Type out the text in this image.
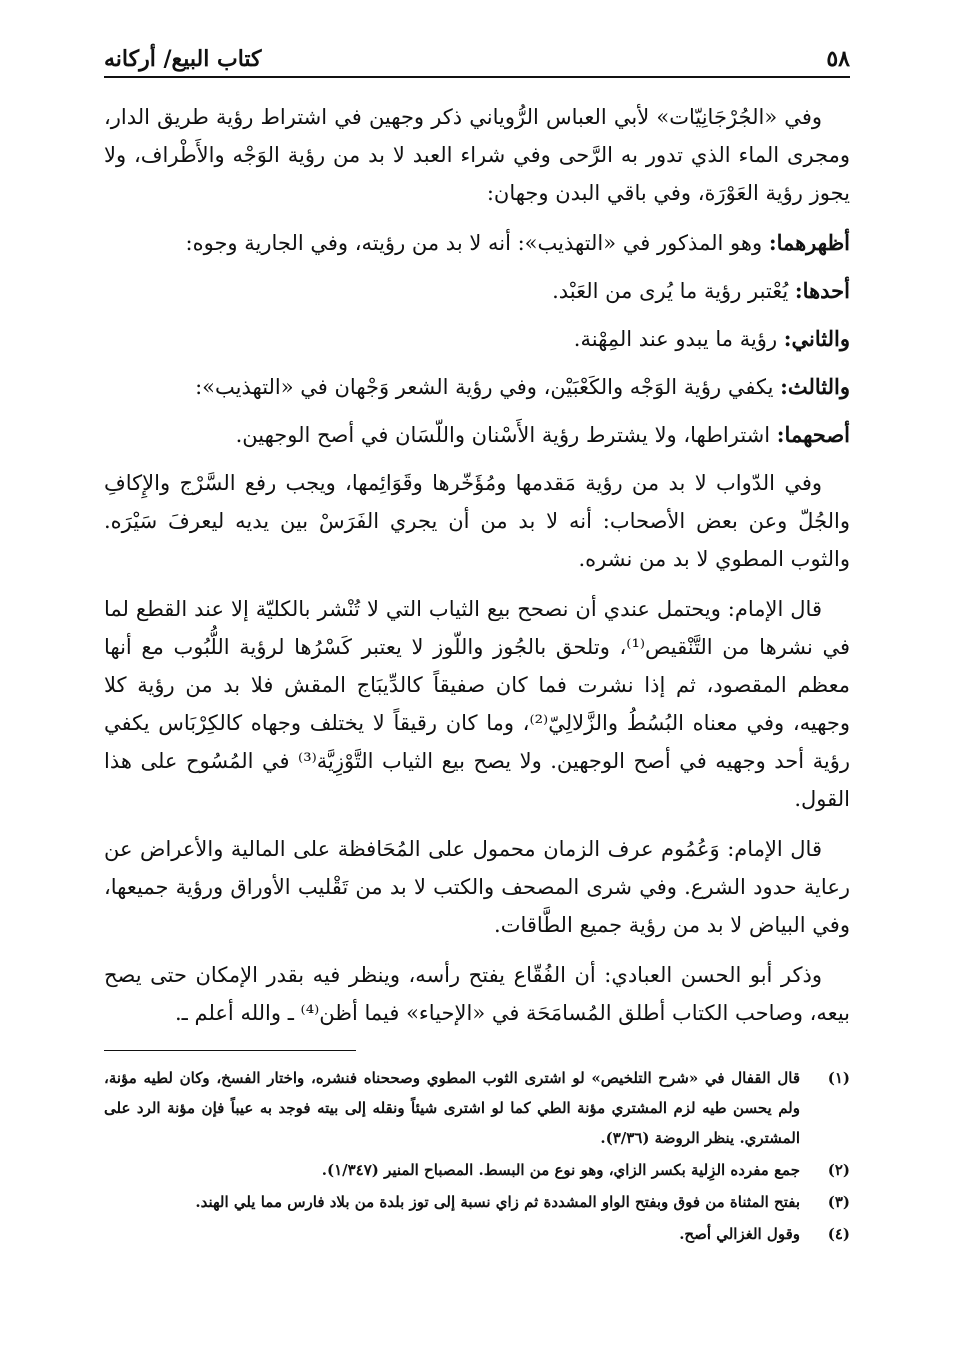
٥٨
كتاب البيع/ أركانه

وفي «الجُرْجَانِيّات» لأبي العباس الرُّوياني ذكر وجهين في اشتراط رؤية طريق الدار، ومجرى الماء الذي تدور به الرَّحى وفي شراء العبد لا بد من رؤية الوَجْه والأَطْراف، ولا يجوز رؤية العَوْرَة، وفي باقي البدن وجهان:

أظهرهما: وهو المذكور في «التهذيب»: أنه لا بد من رؤيته، وفي الجارية وجوه:

أحدها: يُعْتبر رؤية ما يُرى من العَبْد.

والثاني: رؤية ما يبدو عند المِهْنة.

والثالث: يكفي رؤية الوَجْه والكَعْبَيْن، وفي رؤية الشعر وَجْهان في «التهذيب»:

أصحهما: اشتراطها، ولا يشترط رؤية الأَسْنان واللّسَان في أصح الوجهين.

وفي الدّواب لا بد من رؤية مَقدمها ومُؤَخّرها وقَوَائِمها، ويجب رفع السَّرْج والإِكافِ والجُلّ وعن بعض الأصحاب: أنه لا بد من أن يجري الفَرَسْ بين يديه ليعرفَ سَيْرَه. والثوب المطوي لا بد من نشره.

قال الإمام: ويحتمل عندي أن نصحح بيع الثياب التي لا تُنْشر بالكليّة إلا عند القطع لما في نشرها من التَّنْقيص⁽¹⁾، وتلحق بالجُوز واللّوز لا يعتبر كَسْرُها لرؤية اللُّبُوب مع أنها معظم المقصود، ثم إذا نشرت فما كان صفيقاً كالدِّيبَاج المقش فلا بد من رؤية كلا وجهيه، وفي معناه البُسُطُ والزَّلالِيّ⁽²⁾، وما كان رقيقاً لا يختلف وجهاه كالكِرْبَاس يكفي رؤية أحد وجهيه في أصح الوجهين. ولا يصح بيع الثياب التَّوْزِيَّة⁽³⁾ في المُسُوح على هذا القول.

قال الإمام: وَعُمُوم عرف الزمان محمول على المُحَافظة على المالية والأعراض عن رعاية حدود الشرع. وفي شرى المصحف والكتب لا بد من تَقْليب الأوراق ورؤية جميعها، وفي البياض لا بد من رؤية جميع الطَّاقات.

وذكر أبو الحسن العبادي: أن الفُقّاع يفتح رأسه، وينظر فيه بقدر الإمكان حتى يصح بيعه، وصاحب الكتاب أطلق المُسامَحَة في «الإحياء» فيما أظن⁽⁴⁾ ـ والله أعلم ـ.

(١)
قال القفال في «شرح التلخيص» لو اشترى الثوب المطوي وصححناه فنشره، واختار الفسخ، وكان لطيه مؤنة، ولم يحسن طيه لزم المشتري مؤنة الطي كما لو اشترى شيئاً ونقله إلى بيته فوجد به عيباً فإن مؤنة الرد على المشتري. ينظر الروضة (٣/٣٦).
(٢)
جمع مفرده الزِلية بكسر الزاي، وهو نوع من البسط. المصباح المنير (١/٣٤٧).
(٣)
بفتح المثناة من فوق وبفتح الواو المشددة ثم زاي نسبة إلى توز بلدة من بلاد فارس مما يلي الهند.
(٤)
وقول الغزالي أصح.
